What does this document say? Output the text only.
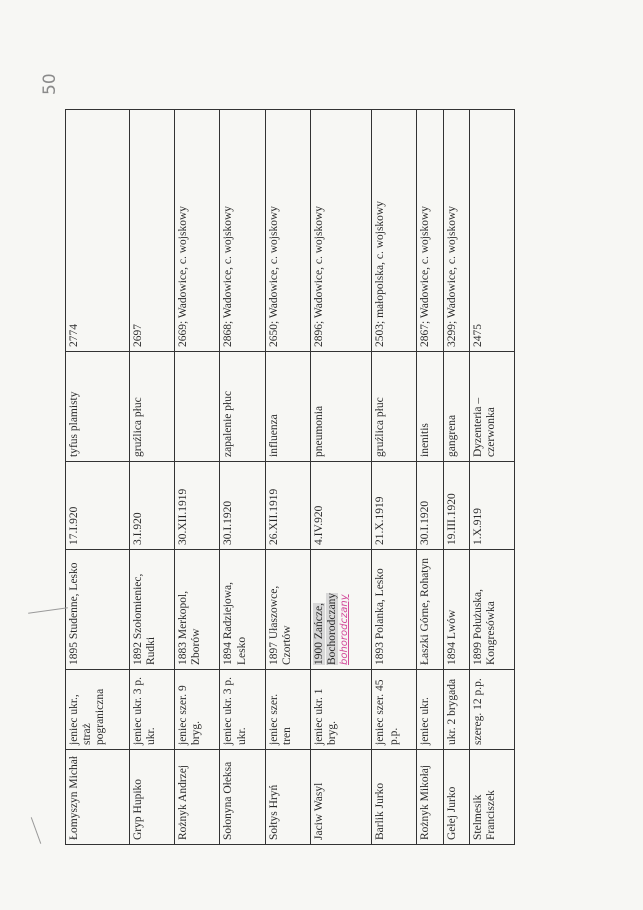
50
Łomyszyn Michał	jeniec ukr., straż pograniczna	1895 Studenne, Lesko	17.I.920	tyfus plamisty	2774
Gryp Hupiko	jeniec ukr. 3 p. ukr.	1892 Szołomieniec, Rudki	3.I.920	gruźlica płuc	2697
Rożnyk Andrzej	jeniec szer. 9 bryg.	1883 Merkopol, Zborów	30.XII.1919		2669; Wadowice, c. wojskowy
Sołonyna Ołeksa	jeniec ukr. 3 p. ukr.	1894 Radziejowa, Lesko	30.I.1920	zapalenie płuc	2868; Wadowice, c. wojskowy
Sołtys Hryń	jeniec szer. tren	1897 Ułaszowce, Czortów	26.XII.1919	influenza	2650; Wadowice, c. wojskowy
Jaciw Wasyl	jeniec ukr. 1 bryg.	1900 Zańcze, Bochorodczany bohorodczany	4.IV.920	pneumonia	2896; Wadowice, c. wojskowy
Barlik Jurko	jeniec szer. 45 p.p.	1893 Polanka, Lesko	21.X.1919	gruźlica płuc	2503; małopolska, c. wojskowy
Rożnyk Mikołaj	jeniec ukr.	Łaszki Górne, Rohatyn	30.I.1920	inenitis	2867; Wadowice, c. wojskowy
Gełej Jurko	ukr. 2 brygada	1894 Lwów	19.III.1920	gangrena	3299; Wadowice, c. wojskowy
Stelmesik Franciszek	szereg. 12 p.p.	1899 Połużuska, Kongresówka	1.X.919	Dyzenteria – czerwonka	2475
